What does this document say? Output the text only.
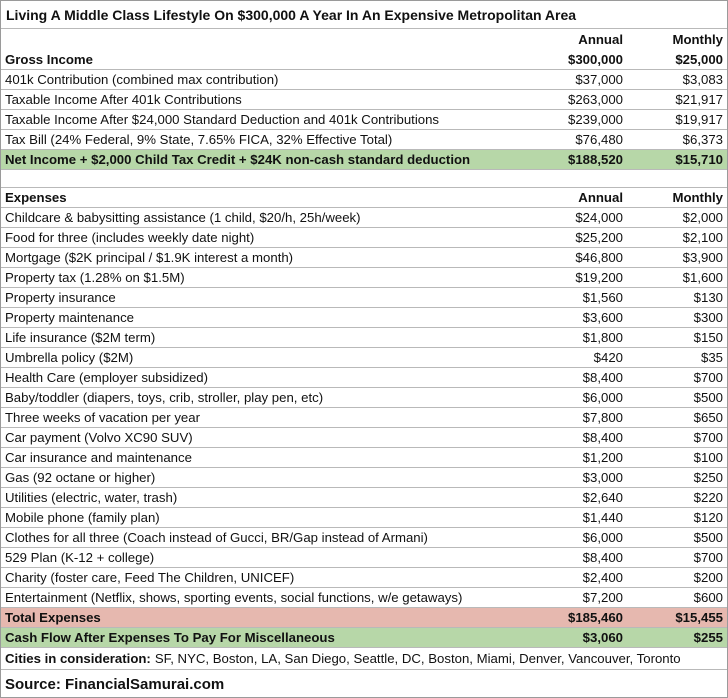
Living A Middle Class Lifestyle On $300,000 A Year In An Expensive Metropolitan Area
Annual	Monthly
Gross Income	$300,000	$25,000
401k Contribution (combined max contribution)	$37,000	$3,083
Taxable Income After 401k Contributions	$263,000	$21,917
Taxable Income After $24,000 Standard Deduction and 401k Contributions	$239,000	$19,917
Tax Bill (24% Federal, 9% State, 7.65% FICA, 32% Effective Total)	$76,480	$6,373
Net Income + $2,000 Child Tax Credit + $24K non-cash standard deduction	$188,520	$15,710
Expenses	Annual	Monthly
Childcare & babysitting assistance (1 child, $20/h, 25h/week)	$24,000	$2,000
Food for three (includes weekly date night)	$25,200	$2,100
Mortgage ($2K principal / $1.9K interest a month)	$46,800	$3,900
Property tax (1.28% on $1.5M)	$19,200	$1,600
Property insurance	$1,560	$130
Property maintenance	$3,600	$300
Life insurance ($2M term)	$1,800	$150
Umbrella policy ($2M)	$420	$35
Health Care (employer subsidized)	$8,400	$700
Baby/toddler (diapers, toys, crib, stroller, play pen, etc)	$6,000	$500
Three weeks of vacation per year	$7,800	$650
Car payment (Volvo XC90 SUV)	$8,400	$700
Car insurance and maintenance	$1,200	$100
Gas (92 octane or higher)	$3,000	$250
Utilities (electric, water, trash)	$2,640	$220
Mobile phone (family plan)	$1,440	$120
Clothes for all three (Coach instead of Gucci, BR/Gap instead of Armani)	$6,000	$500
529 Plan (K-12 + college)	$8,400	$700
Charity (foster care, Feed The Children, UNICEF)	$2,400	$200
Entertainment (Netflix, shows, sporting events, social functions, w/e getaways)	$7,200	$600
Total Expenses	$185,460	$15,455
Cash Flow After Expenses To Pay For Miscellaneous	$3,060	$255
Cities in consideration: SF, NYC, Boston, LA, San Diego, Seattle, DC, Boston, Miami, Denver, Vancouver, Toronto
Source: FinancialSamurai.com
